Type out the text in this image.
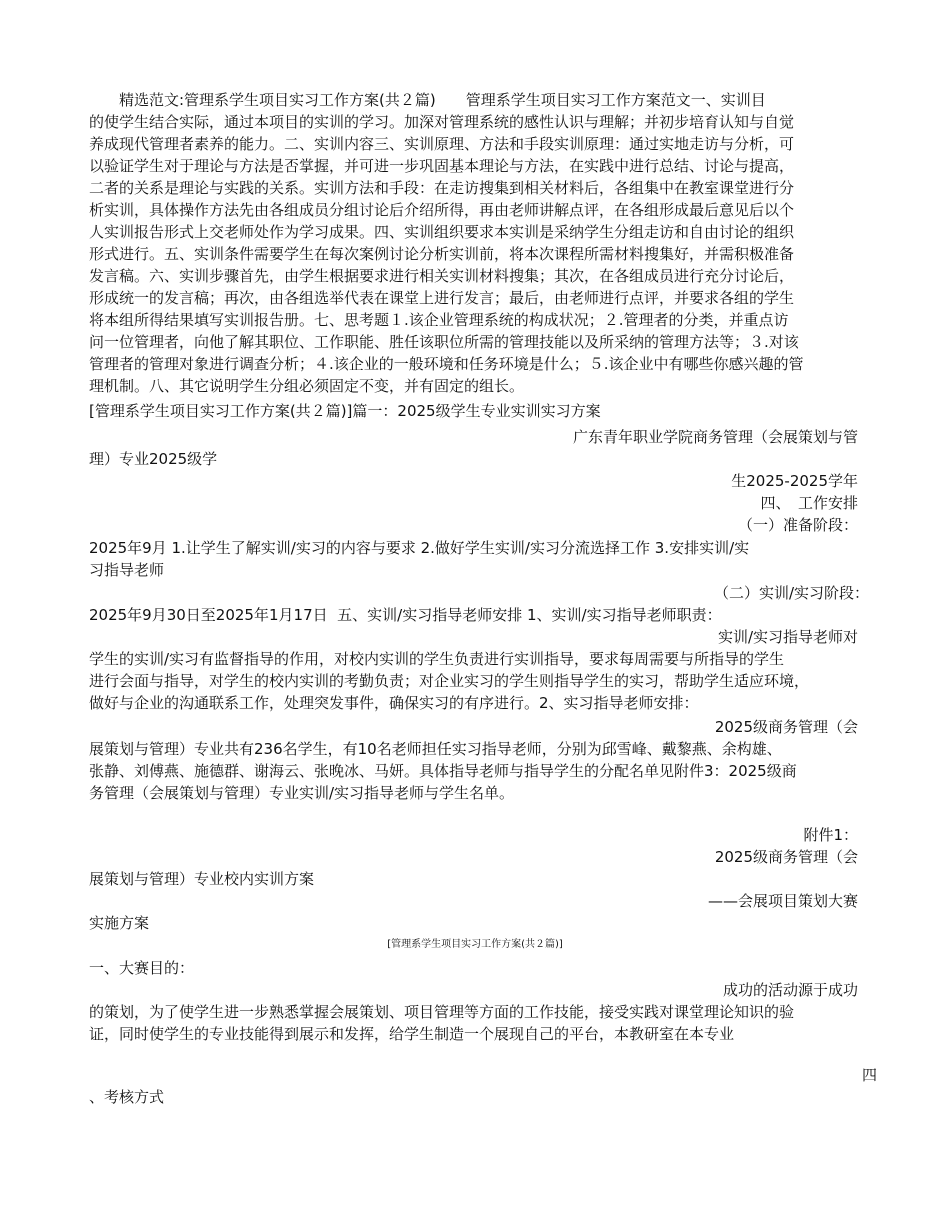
　　精选范文:管理系学生项目实习工作方案(共２篇)　　管理系学生项目实习工作方案范文一、实训目
的使学生结合实际，通过本项目的实训的学习。加深对管理系统的感性认识与理解；并初步培育认知与自觉
养成现代管理者素养的能力。二、实训内容三、实训原理、方法和手段实训原理：通过实地走访与分析，可
以验证学生对于理论与方法是否掌握，并可进一步巩固基本理论与方法，在实践中进行总结、讨论与提高，
二者的关系是理论与实践的关系。实训方法和手段：在走访搜集到相关材料后，各组集中在教室课堂进行分
析实训，具体操作方法先由各组成员分组讨论后介绍所得，再由老师讲解点评，在各组形成最后意见后以个
人实训报告形式上交老师处作为学习成果。四、实训组织要求本实训是采纳学生分组走访和自由讨论的组织
形式进行。五、实训条件需要学生在每次案例讨论分析实训前，将本次课程所需材料搜集好，并需积极准备
发言稿。六、实训步骤首先，由学生根据要求进行相关实训材料搜集；其次，在各组成员进行充分讨论后，
形成统一的发言稿；再次，由各组选举代表在课堂上进行发言；最后，由老师进行点评，并要求各组的学生
将本组所得结果填写实训报告册。七、思考题１.该企业管理系统的构成状况；２.管理者的分类，并重点访
问一位管理者，向他了解其职位、工作职能、胜任该职位所需的管理技能以及所采纳的管理方法等；３.对该
管理者的管理对象进行调查分析；４.该企业的一般环境和任务环境是什么；５.该企业中有哪些你感兴趣的管
理机制。八、其它说明学生分组必须固定不变，并有固定的组长。
[管理系学生项目实习工作方案(共２篇)]篇一：2025级学生专业实训实习方案
广东青年职业学院商务管理（会展策划与管
理）专业2025级学
生2025-2025学年
四、　工作安排
（一）准备阶段：
2025年9月 1.让学生了解实训/实习的内容与要求 2.做好学生实训/实习分流选择工作 3.安排实训/实
习指导老师
（二）实训/实习阶段：
2025年9月30日至2025年1月17日  五、实训/实习指导老师安排 1、实训/实习指导老师职责：
实训/实习指导老师对
学生的实训/实习有监督指导的作用，对校内实训的学生负责进行实训指导，要求每周需要与所指导的学生
进行会面与指导，对学生的校内实训的考勤负责；对企业实习的学生则指导学生的实习，帮助学生适应环境，
做好与企业的沟通联系工作，处理突发事件，确保实习的有序进行。2、实习指导老师安排：
2025级商务管理（会
展策划与管理）专业共有236名学生，有10名老师担任实习指导老师，分别为邱雪峰、戴黎燕、余构雄、
张静、刘傅燕、施德群、谢海云、张晚冰、马妍。具体指导老师与指导学生的分配名单见附件3：2025级商
务管理（会展策划与管理）专业实训/实习指导老师与学生名单。
附件1：
2025级商务管理（会
展策划与管理）专业校内实训方案
——会展项目策划大赛
实施方案
[管理系学生项目实习工作方案(共２篇)]
一、大赛目的：
成功的活动源于成功
的策划，为了使学生进一步熟悉掌握会展策划、项目管理等方面的工作技能，接受实践对课堂理论知识的验
证，同时使学生的专业技能得到展示和发挥，给学生制造一个展现自己的平台，本教研室在本专业
四
、考核方式
